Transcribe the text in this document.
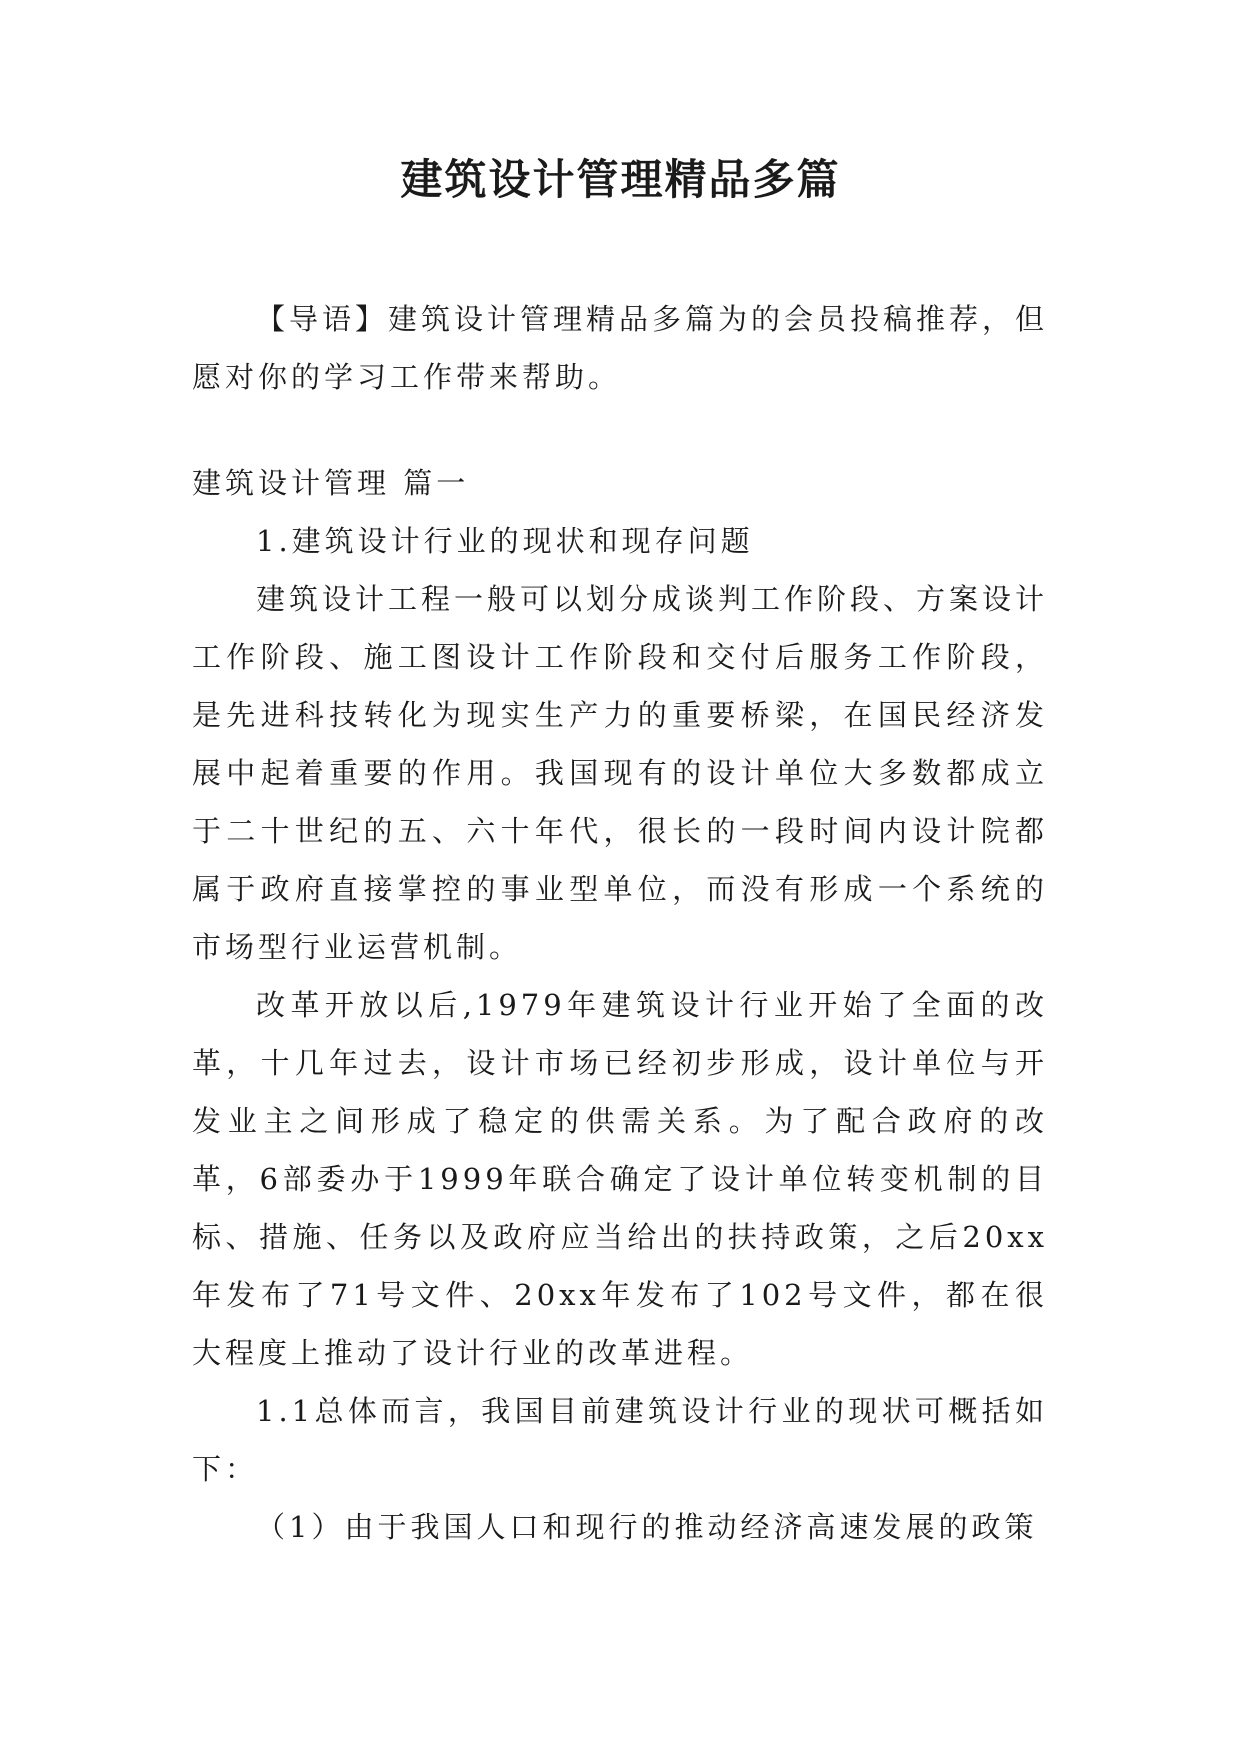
建筑设计管理精品多篇

【导语】建筑设计管理精品多篇为的会员投稿推荐，但愿对你的学习工作带来帮助。

建筑设计管理 篇一

1.建筑设计行业的现状和现存问题

建筑设计工程一般可以划分成谈判工作阶段、方案设计工作阶段、施工图设计工作阶段和交付后服务工作阶段，是先进科技转化为现实生产力的重要桥梁，在国民经济发展中起着重要的作用。我国现有的设计单位大多数都成立于二十世纪的五、六十年代，很长的一段时间内设计院都属于政府直接掌控的事业型单位，而没有形成一个系统的市场型行业运营机制。

改革开放以后,1979年建筑设计行业开始了全面的改革，十几年过去，设计市场已经初步形成，设计单位与开发业主之间形成了稳定的供需关系。为了配合政府的改革，6部委办于1999年联合确定了设计单位转变机制的目标、措施、任务以及政府应当给出的扶持政策，之后20xx年发布了71号文件、20xx年发布了102号文件，都在很大程度上推动了设计行业的改革进程。

1.1总体而言，我国目前建筑设计行业的现状可概括如下：

（1）由于我国人口和现行的推动经济高速发展的政策
